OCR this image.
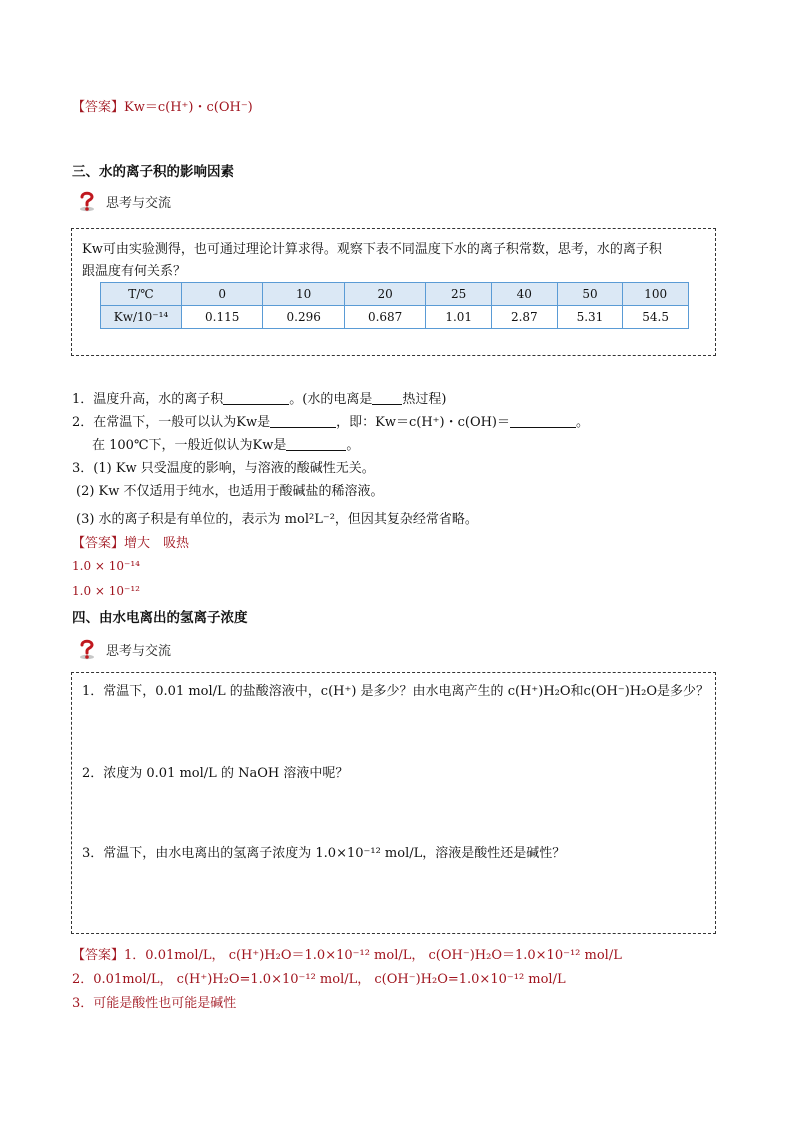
【答案】Kw＝c(H⁺)・c(OH⁻)
三、水的离子积的影响因素
思考与交流
Kw可由实验测得，也可通过理论计算求得。观察下表不同温度下水的离子积常数，思考，水的离子积
跟温度有何关系？
T/℃	0	10	20	25	40	50	100
Kw/10⁻¹⁴	0.115	0.296	0.687	1.01	2.87	5.31	54.5
1．温度升高，水的离子积	。(水的电离是 热过程)
2．在常温下，一般可以认为Kw是	，即：Kw＝c(H⁺)・c(OH)＝	。
在 100℃下，一般近似认为Kw是	。
3．(1) Kw 只受温度的影响，与溶液的酸碱性无关。
(2) Kw 不仅适用于纯水，也适用于酸碱盐的稀溶液。
(3) 水的离子积是有单位的，表示为 mol²L⁻²，但因其复杂经常省略。
【答案】增大　吸热
1.0 × 10⁻¹⁴
1.0 × 10⁻¹²
四、由水电离出的氢离子浓度
思考与交流
1．常温下，0.01 mol/L 的盐酸溶液中，c(H⁺) 是多少？由水电离产生的 c(H⁺)H₂O和c(OH⁻)H₂O是多少？
2．浓度为 0.01 mol/L 的 NaOH 溶液中呢？
3．常温下，由水电离出的氢离子浓度为 1.0×10⁻¹² mol/L，溶液是酸性还是碱性？
【答案】1．0.01mol/L， c(H⁺)H₂O＝1.0×10⁻¹² mol/L， c(OH⁻)H₂O＝1.0×10⁻¹² mol/L
2．0.01mol/L， c(H⁺)H₂O=1.0×10⁻¹² mol/L， c(OH⁻)H₂O=1.0×10⁻¹² mol/L
3．可能是酸性也可能是碱性
